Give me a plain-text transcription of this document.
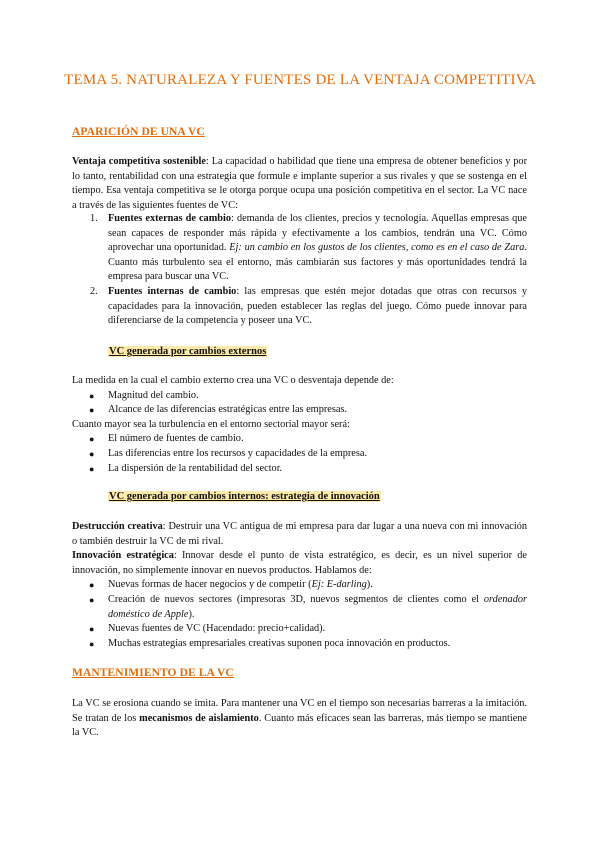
TEMA 5. NATURALEZA Y FUENTES DE LA VENTAJA COMPETITIVA
APARICIÓN DE UNA VC
Ventaja competitiva sostenible: La capacidad o habilidad que tiene una empresa de obtener beneficios y por lo tanto, rentabilidad con una estrategia que formule e implante superior a sus rivales y que se sostenga en el tiempo. Esa ventaja competitiva se le otorga porque ocupa una posición competitiva en el sector. La VC nace a través de las siguientes fuentes de VC:
1. Fuentes externas de cambio: demanda de los clientes, precios y tecnología. Aquellas empresas que sean capaces de responder más rápida y efectivamente a los cambios, tendrán una VC. Cómo aprovechar una oportunidad. Ej: un cambio en los gustos de los clientes, como es en el caso de Zara. Cuanto más turbulento sea el entorno, más cambiarán sus factores y más oportunidades tendrá la empresa para buscar una VC.
2. Fuentes internas de cambio: las empresas que estén mejor dotadas que otras con recursos y capacidades para la innovación, pueden establecer las reglas del juego. Cómo puede innovar para diferenciarse de la competencia y poseer una VC.
VC generada por cambios externos
La medida en la cual el cambio externo crea una VC o desventaja depende de:
● Magnitud del cambio.
● Alcance de las diferencias estratégicas entre las empresas.
Cuanto mayor sea la turbulencia en el entorno sectorial mayor será:
● El número de fuentes de cambio.
● Las diferencias entre los recursos y capacidades de la empresa.
● La dispersión de la rentabilidad del sector.
VC generada por cambios internos: estrategia de innovación
Destrucción creativa: Destruir una VC antigua de mi empresa para dar lugar a una nueva con mi innovación o también destruir la VC de mi rival.
Innovación estratégica: Innovar desde el punto de vista estratégico, es decir, es un nivel superior de innovación, no simplemente innovar en nuevos productos. Hablamos de:
● Nuevas formas de hacer negocios y de competir (Ej: E-darling).
● Creación de nuevos sectores (impresoras 3D, nuevos segmentos de clientes como el ordenador doméstico de Apple).
● Nuevas fuentes de VC (Hacendado: precio+calidad).
● Muchas estrategias empresariales creativas suponen poca innovación en productos.
MANTENIMIENTO DE LA VC
La VC se erosiona cuando se imita. Para mantener una VC en el tiempo son necesarias barreras a la imitación. Se tratan de los mecanismos de aislamiento. Cuanto más eficaces sean las barreras, más tiempo se mantiene la VC.
